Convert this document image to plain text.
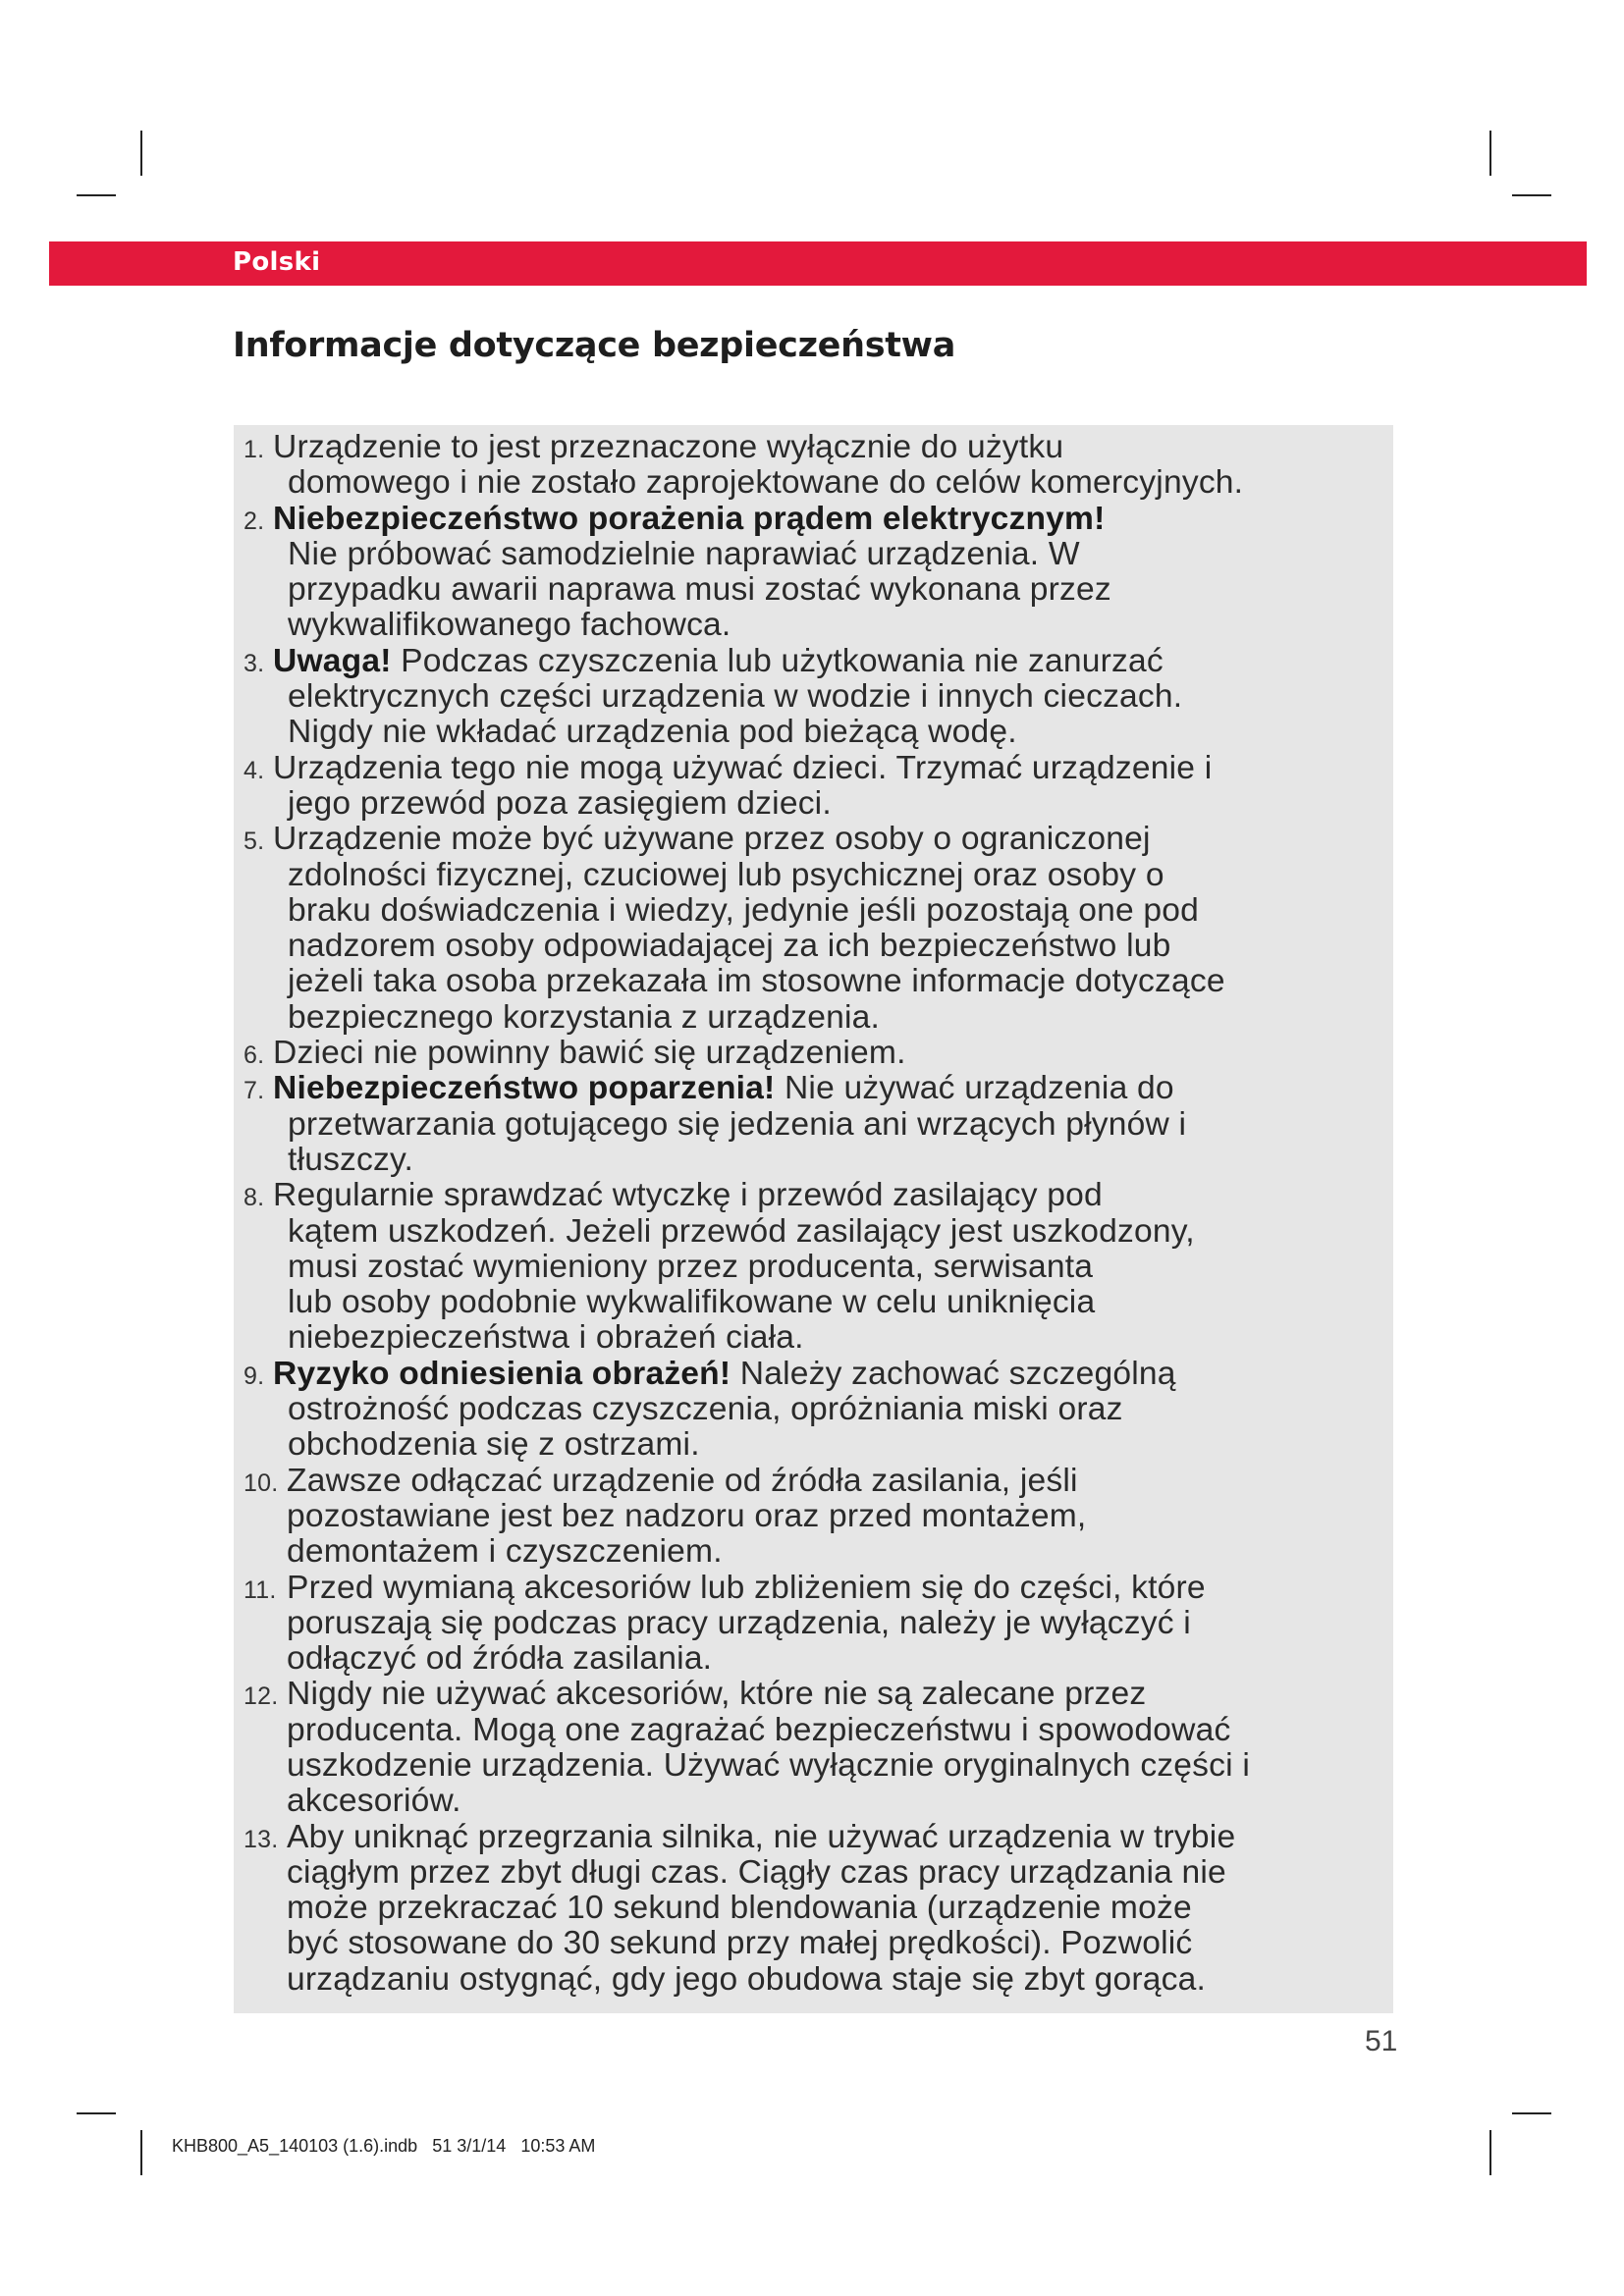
Polski
Informacje dotyczące bezpieczeństwa
1. Urządzenie to jest przeznaczone wyłącznie do użytku
domowego i nie zostało zaprojektowane do celów komercyjnych.
2. Niebezpieczeństwo porażenia prądem elektrycznym!
Nie próbować samodzielnie naprawiać urządzenia. W
przypadku awarii naprawa musi zostać wykonana przez
wykwalifikowanego fachowca.
3. Uwaga! Podczas czyszczenia lub użytkowania nie zanurzać
elektrycznych części urządzenia w wodzie i innych cieczach.
Nigdy nie wkładać urządzenia pod bieżącą wodę.
4. Urządzenia tego nie mogą używać dzieci. Trzymać urządzenie i
jego przewód poza zasięgiem dzieci.
5. Urządzenie może być używane przez osoby o ograniczonej
zdolności fizycznej, czuciowej lub psychicznej oraz osoby o
braku doświadczenia i wiedzy, jedynie jeśli pozostają one pod
nadzorem osoby odpowiadającej za ich bezpieczeństwo lub
jeżeli taka osoba przekazała im stosowne informacje dotyczące
bezpiecznego korzystania z urządzenia.
6. Dzieci nie powinny bawić się urządzeniem.
7. Niebezpieczeństwo poparzenia! Nie używać urządzenia do
przetwarzania gotującego się jedzenia ani wrzących płynów i
tłuszczy.
8. Regularnie sprawdzać wtyczkę i przewód zasilający pod
kątem uszkodzeń. Jeżeli przewód zasilający jest uszkodzony,
musi zostać wymieniony przez producenta, serwisanta
lub osoby podobnie wykwalifikowane w celu uniknięcia
niebezpieczeństwa i obrażeń ciała.
9. Ryzyko odniesienia obrażeń! Należy zachować szczególną
ostrożność podczas czyszczenia, opróżniania miski oraz
obchodzenia się z ostrzami.
10. Zawsze odłączać urządzenie od źródła zasilania, jeśli
pozostawiane jest bez nadzoru oraz przed montażem,
demontażem i czyszczeniem.
11. Przed wymianą akcesoriów lub zbliżeniem się do części, które
poruszają się podczas pracy urządzenia, należy je wyłączyć i
odłączyć od źródła zasilania.
12. Nigdy nie używać akcesoriów, które nie są zalecane przez
producenta. Mogą one zagrażać bezpieczeństwu i spowodować
uszkodzenie urządzenia. Używać wyłącznie oryginalnych części i
akcesoriów.
13. Aby uniknąć przegrzania silnika, nie używać urządzenia w trybie
ciągłym przez zbyt długi czas. Ciągły czas pracy urządzania nie
może przekraczać 10 sekund blendowania (urządzenie może
być stosowane do 30 sekund przy małej prędkości). Pozwolić
urządzaniu ostygnąć, gdy jego obudowa staje się zbyt gorąca.
51
KHB800_A5_140103 (1.6).indb 51 3/1/14   10:53 AM
